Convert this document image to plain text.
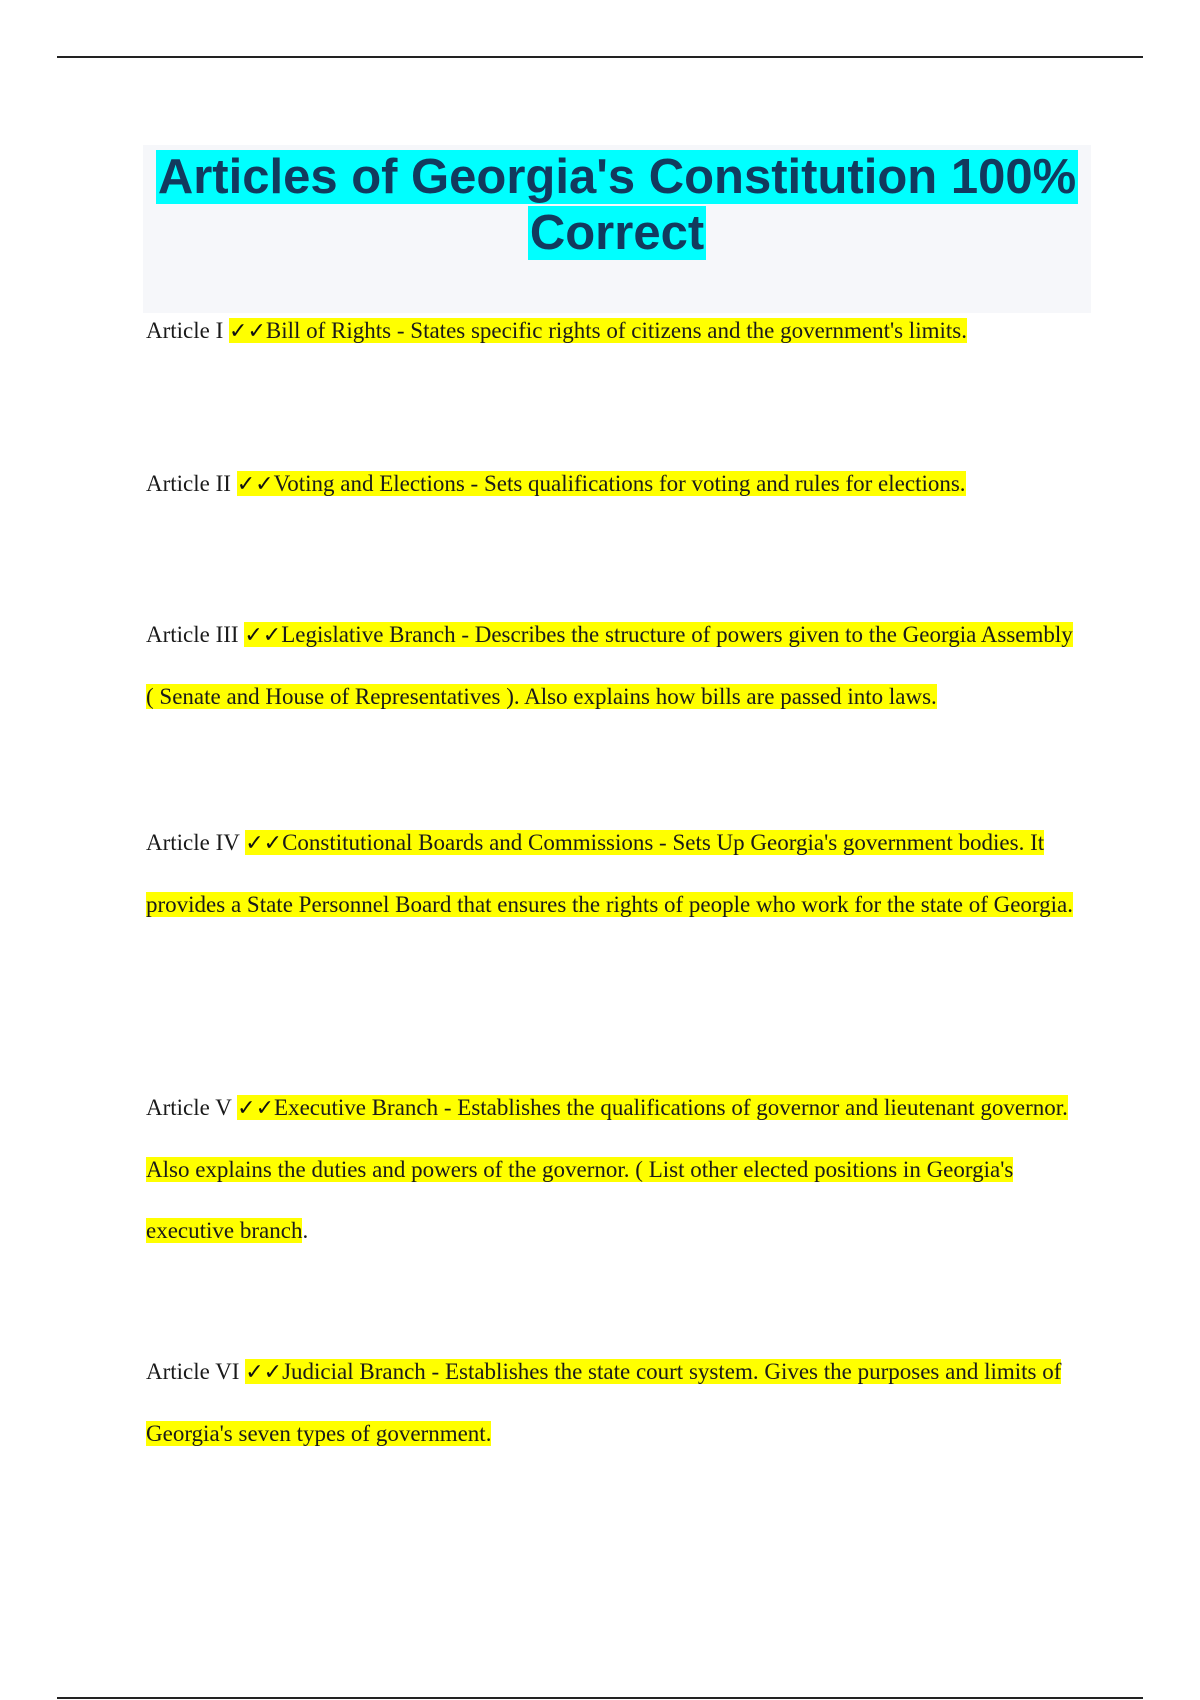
Articles of Georgia's Constitution 100% Correct

Article I ✓✓Bill of Rights - States specific rights of citizens and the government's limits.

Article II ✓✓Voting and Elections - Sets qualifications for voting and rules for elections.

Article III ✓✓Legislative Branch - Describes the structure of powers given to the Georgia Assembly ( Senate and House of Representatives ). Also explains how bills are passed into laws.

Article IV ✓✓Constitutional Boards and Commissions - Sets Up Georgia's government bodies. It provides a State Personnel Board that ensures the rights of people who work for the state of Georgia.

Article V ✓✓Executive Branch - Establishes the qualifications of governor and lieutenant governor. Also explains the duties and powers of the governor. ( List other elected positions in Georgia's executive branch.

Article VI ✓✓Judicial Branch - Establishes the state court system. Gives the purposes and limits of Georgia's seven types of government.
